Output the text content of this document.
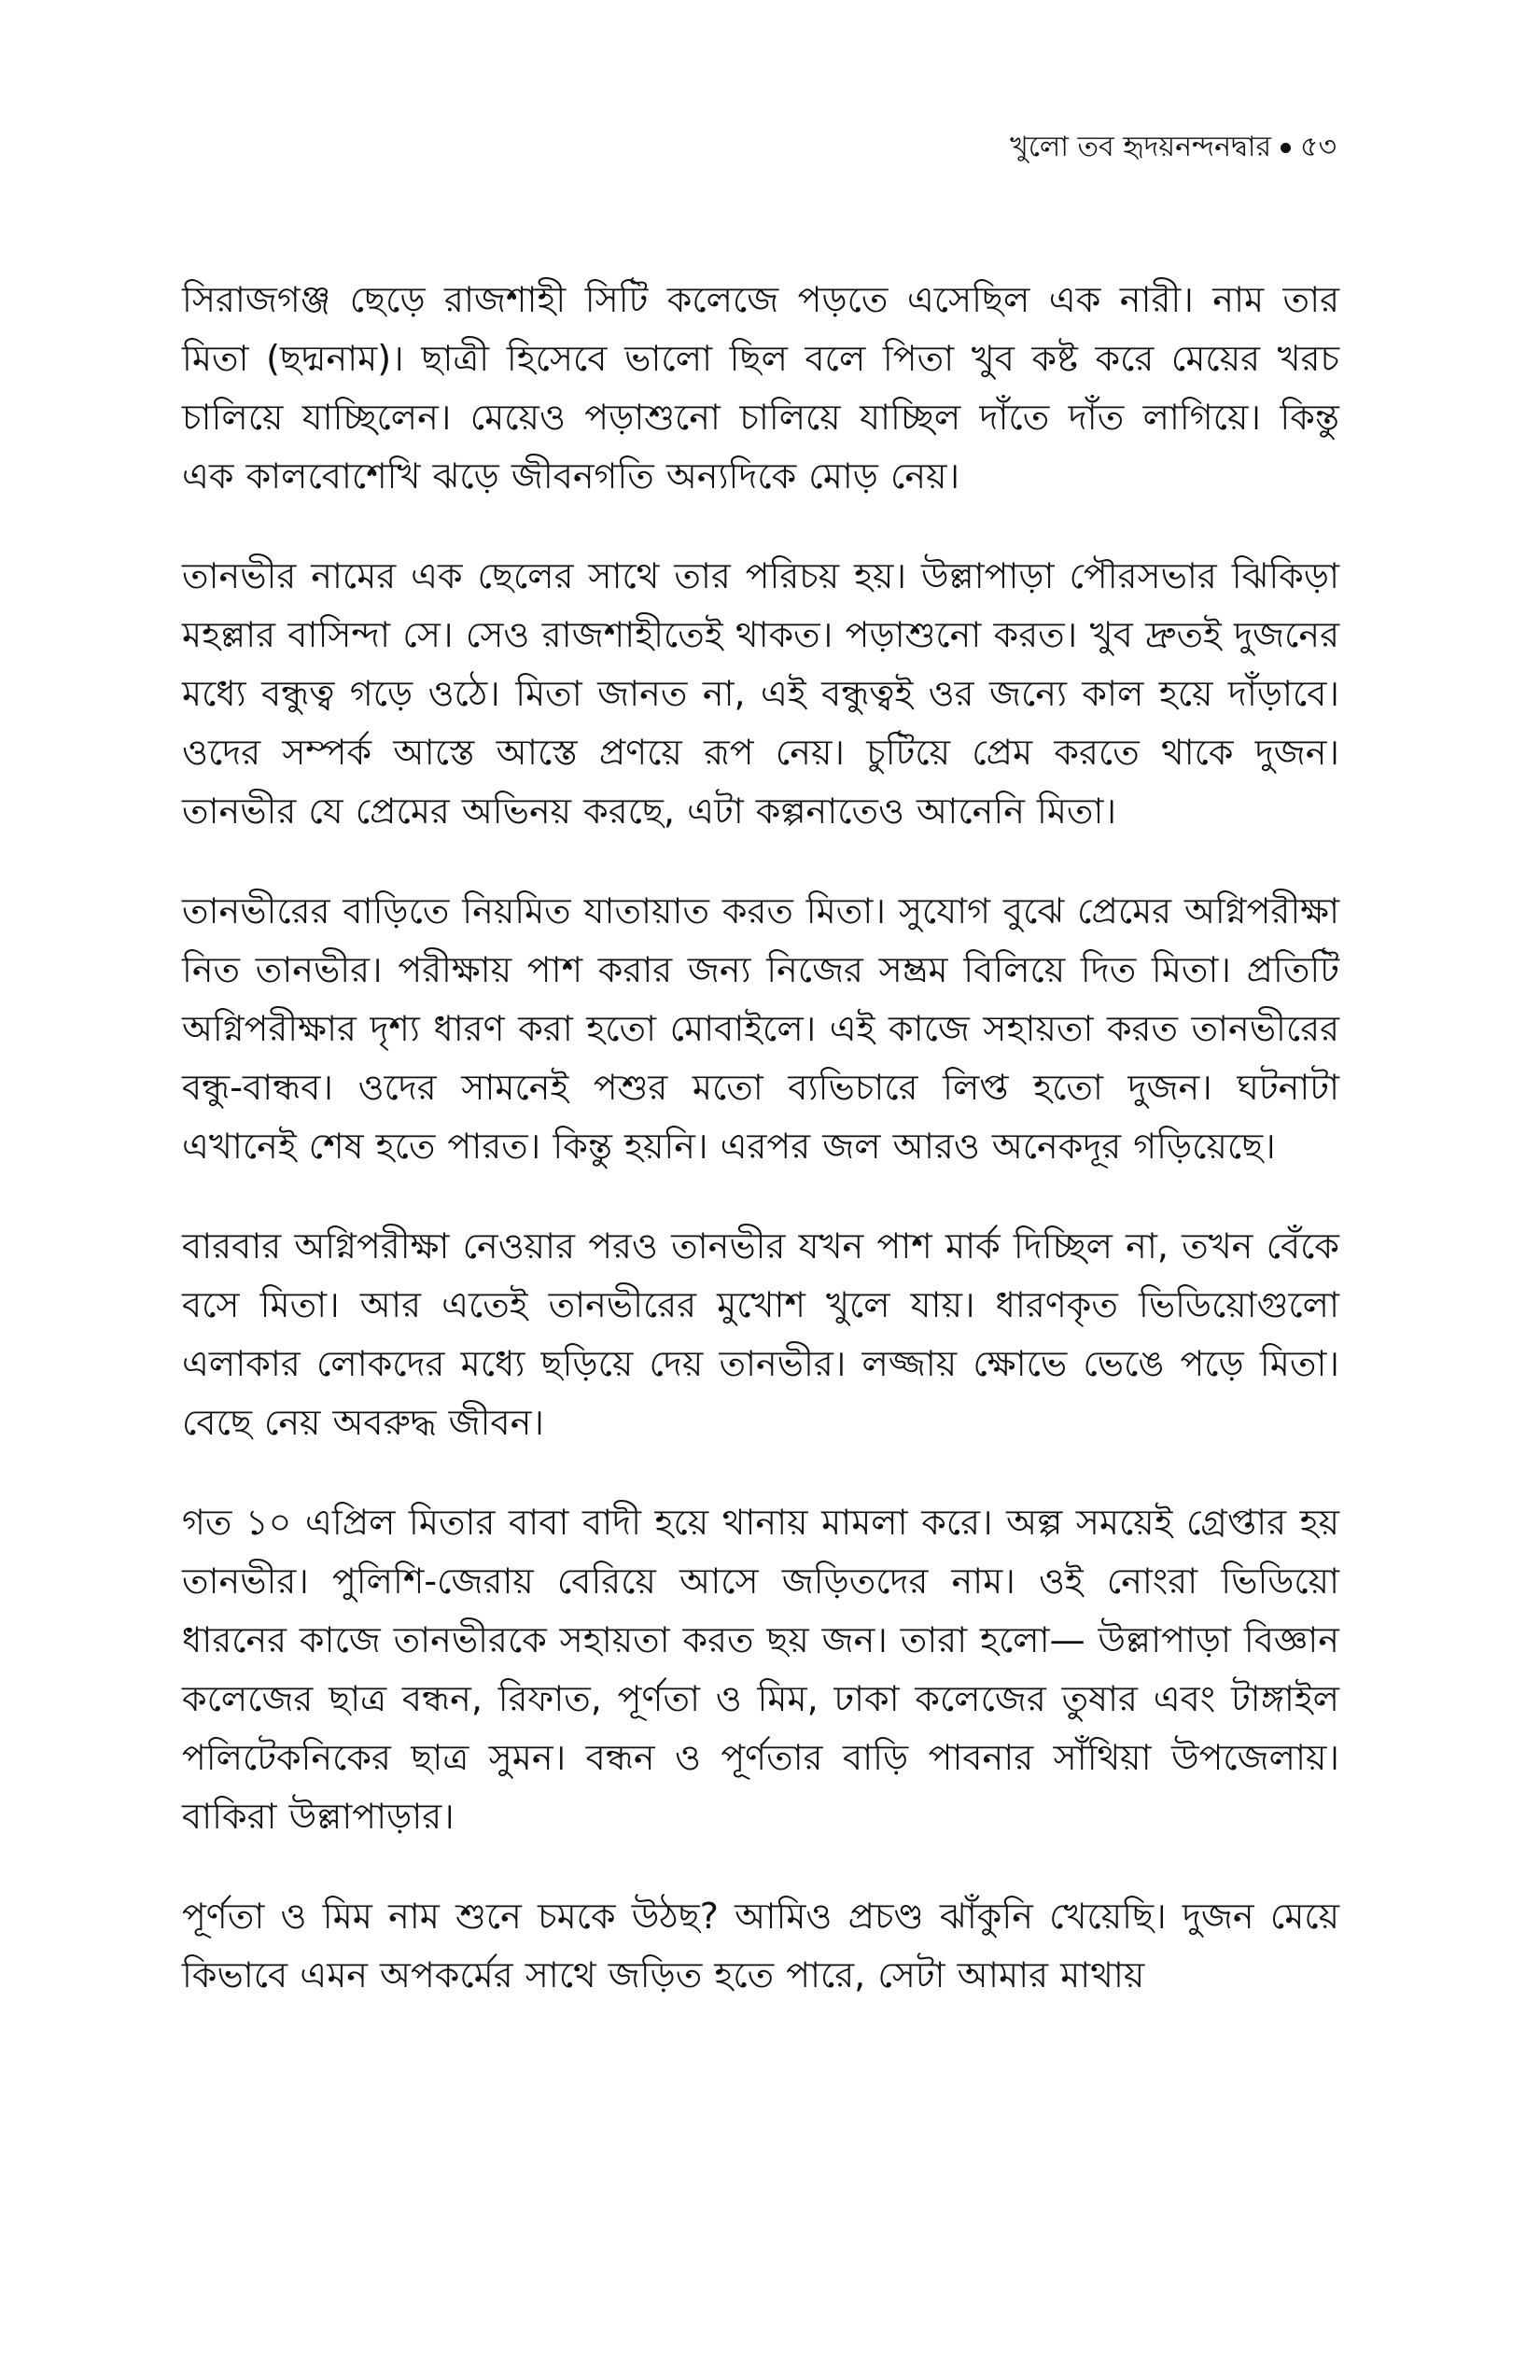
খুলো তব হৃদয়নন্দনদ্বার ৫৩

সিরাজগঞ্জ ছেড়ে রাজশাহী সিটি কলেজে পড়তে এসেছিল এক নারী। নাম তার মিতা (ছদ্মনাম)। ছাত্রী হিসেবে ভালো ছিল বলে পিতা খুব কষ্ট করে মেয়ের খরচ চালিয়ে যাচ্ছিলেন। মেয়েও পড়াশুনো চালিয়ে যাচ্ছিল দাঁতে দাঁত লাগিয়ে। কিন্তু এক কালবোশেখি ঝড়ে জীবনগতি অন্যদিকে মোড় নেয়।

তানভীর নামের এক ছেলের সাথে তার পরিচয় হয়। উল্লাপাড়া পৌরসভার ঝিকিড়া মহল্লার বাসিন্দা সে। সেও রাজশাহীতেই থাকত। পড়াশুনো করত। খুব দ্রুতই দুজনের মধ্যে বন্ধুত্ব গড়ে ওঠে। মিতা জানত না, এই বন্ধুত্বই ওর জন্যে কাল হয়ে দাঁড়াবে। ওদের সম্পর্ক আস্তে আস্তে প্রণয়ে রূপ নেয়। চুটিয়ে প্রেম করতে থাকে দুজন। তানভীর যে প্রেমের অভিনয় করছে, এটা কল্পনাতেও আনেনি মিতা।

তানভীরের বাড়িতে নিয়মিত যাতায়াত করত মিতা। সুযোগ বুঝে প্রেমের অগ্নিপরীক্ষা নিত তানভীর। পরীক্ষায় পাশ করার জন্য নিজের সম্ভ্রম বিলিয়ে দিত মিতা। প্রতিটি অগ্নিপরীক্ষার দৃশ্য ধারণ করা হতো মোবাইলে। এই কাজে সহায়তা করত তানভীরের বন্ধু-বান্ধব। ওদের সামনেই পশুর মতো ব্যভিচারে লিপ্ত হতো দুজন। ঘটনাটা এখানেই শেষ হতে পারত। কিন্তু হয়নি। এরপর জল আরও অনেকদূর গড়িয়েছে।

বারবার অগ্নিপরীক্ষা নেওয়ার পরও তানভীর যখন পাশ মার্ক দিচ্ছিল না, তখন বেঁকে বসে মিতা। আর এতেই তানভীরের মুখোশ খুলে যায়। ধারণকৃত ভিডিয়োগুলো এলাকার লোকদের মধ্যে ছড়িয়ে দেয় তানভীর। লজ্জায় ক্ষোভে ভেঙে পড়ে মিতা। বেছে নেয় অবরুদ্ধ জীবন।

গত ১০ এপ্রিল মিতার বাবা বাদী হয়ে থানায় মামলা করে। অল্প সময়েই গ্রেপ্তার হয় তানভীর। পুলিশি-জেরায় বেরিয়ে আসে জড়িতদের নাম। ওই নোংরা ভিডিয়ো ধারনের কাজে তানভীরকে সহায়তা করত ছয় জন। তারা হলো— উল্লাপাড়া বিজ্ঞান কলেজের ছাত্র বন্ধন, রিফাত, পূর্ণতা ও মিম, ঢাকা কলেজের তুষার এবং টাঙ্গাইল পলিটেকনিকের ছাত্র সুমন। বন্ধন ও পূর্ণতার বাড়ি পাবনার সাঁথিয়া উপজেলায়। বাকিরা উল্লাপাড়ার।

পূর্ণতা ও মিম নাম শুনে চমকে উঠছ? আমিও প্রচণ্ড ঝাঁকুনি খেয়েছি। দুজন মেয়ে কিভাবে এমন অপকর্মের সাথে জড়িত হতে পারে, সেটা আমার মাথায়
